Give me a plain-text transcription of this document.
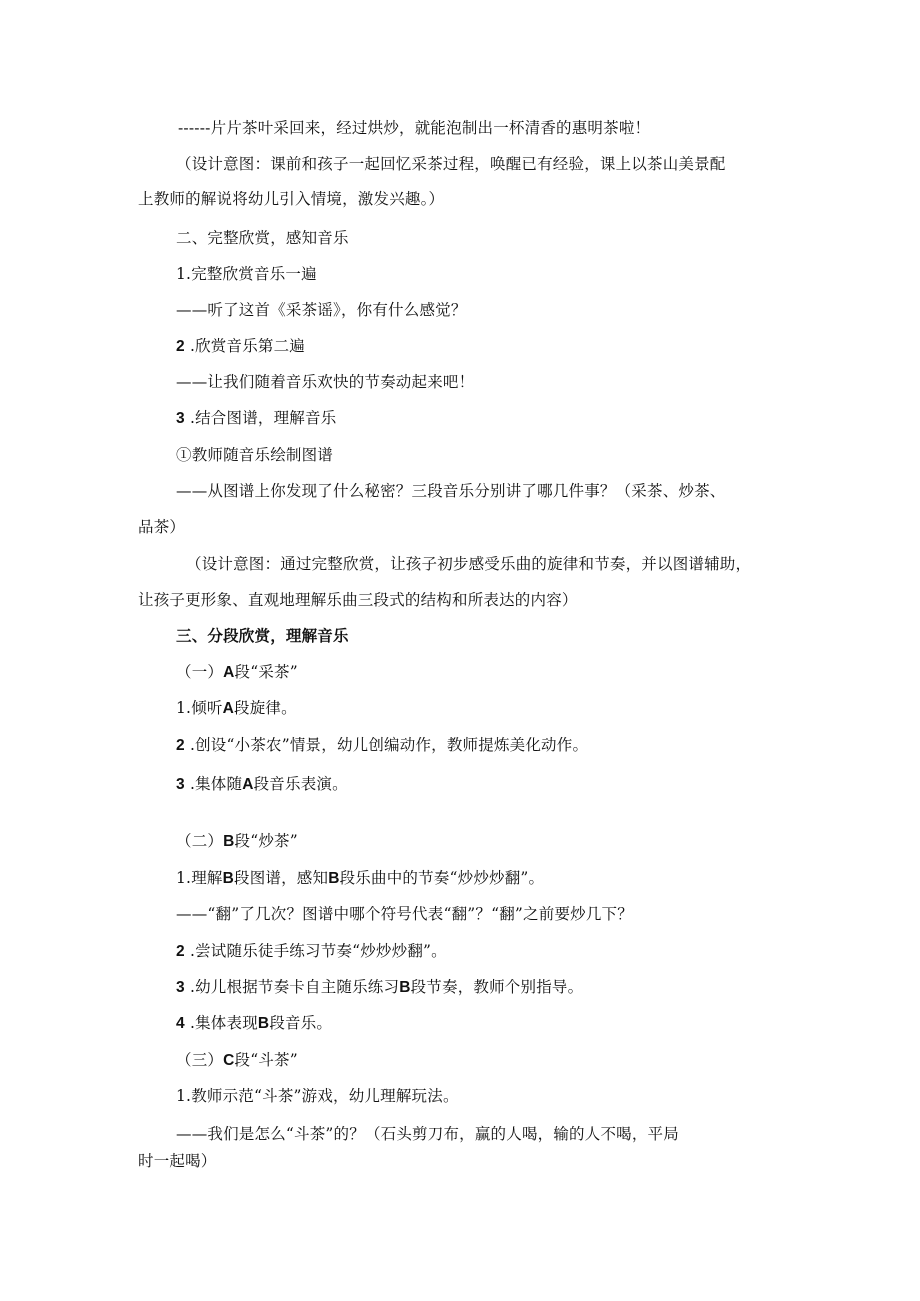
------片片茶叶采回来，经过烘炒，就能泡制出一杯清香的惠明茶啦！
（设计意图：课前和孩子一起回忆采茶过程，唤醒已有经验，课上以茶山美景配
上教师的解说将幼儿引入情境，激发兴趣。）
二、完整欣赏，感知音乐
1.完整欣赏音乐一遍
——听了这首《采茶谣》，你有什么感觉？
2 .欣赏音乐第二遍
——让我们随着音乐欢快的节奏动起来吧！
3 .结合图谱，理解音乐
①教师随音乐绘制图谱
——从图谱上你发现了什么秘密？三段音乐分别讲了哪几件事？（采茶、炒茶、
品茶）
（设计意图：通过完整欣赏，让孩子初步感受乐曲的旋律和节奏，并以图谱辅助，
让孩子更形象、直观地理解乐曲三段式的结构和所表达的内容）
三、分段欣赏，理解音乐
（一）A段“采茶”
1.倾听A段旋律。
2 .创设“小茶农”情景，幼儿创编动作，教师提炼美化动作。
3 .集体随A段音乐表演。
（二）B段“炒茶”
1.理解B段图谱，感知B段乐曲中的节奏“炒炒炒翻”。
——“翻”了几次？图谱中哪个符号代表“翻”？“翻”之前要炒几下？
2 .尝试随乐徒手练习节奏“炒炒炒翻”。
3 .幼儿根据节奏卡自主随乐练习B段节奏，教师个别指导。
4 .集体表现B段音乐。
（三）C段“斗茶”
1.教师示范“斗茶”游戏，幼儿理解玩法。
——我们是怎么“斗茶”的？（石头剪刀布，赢的人喝，输的人不喝，平局
时一起喝）
